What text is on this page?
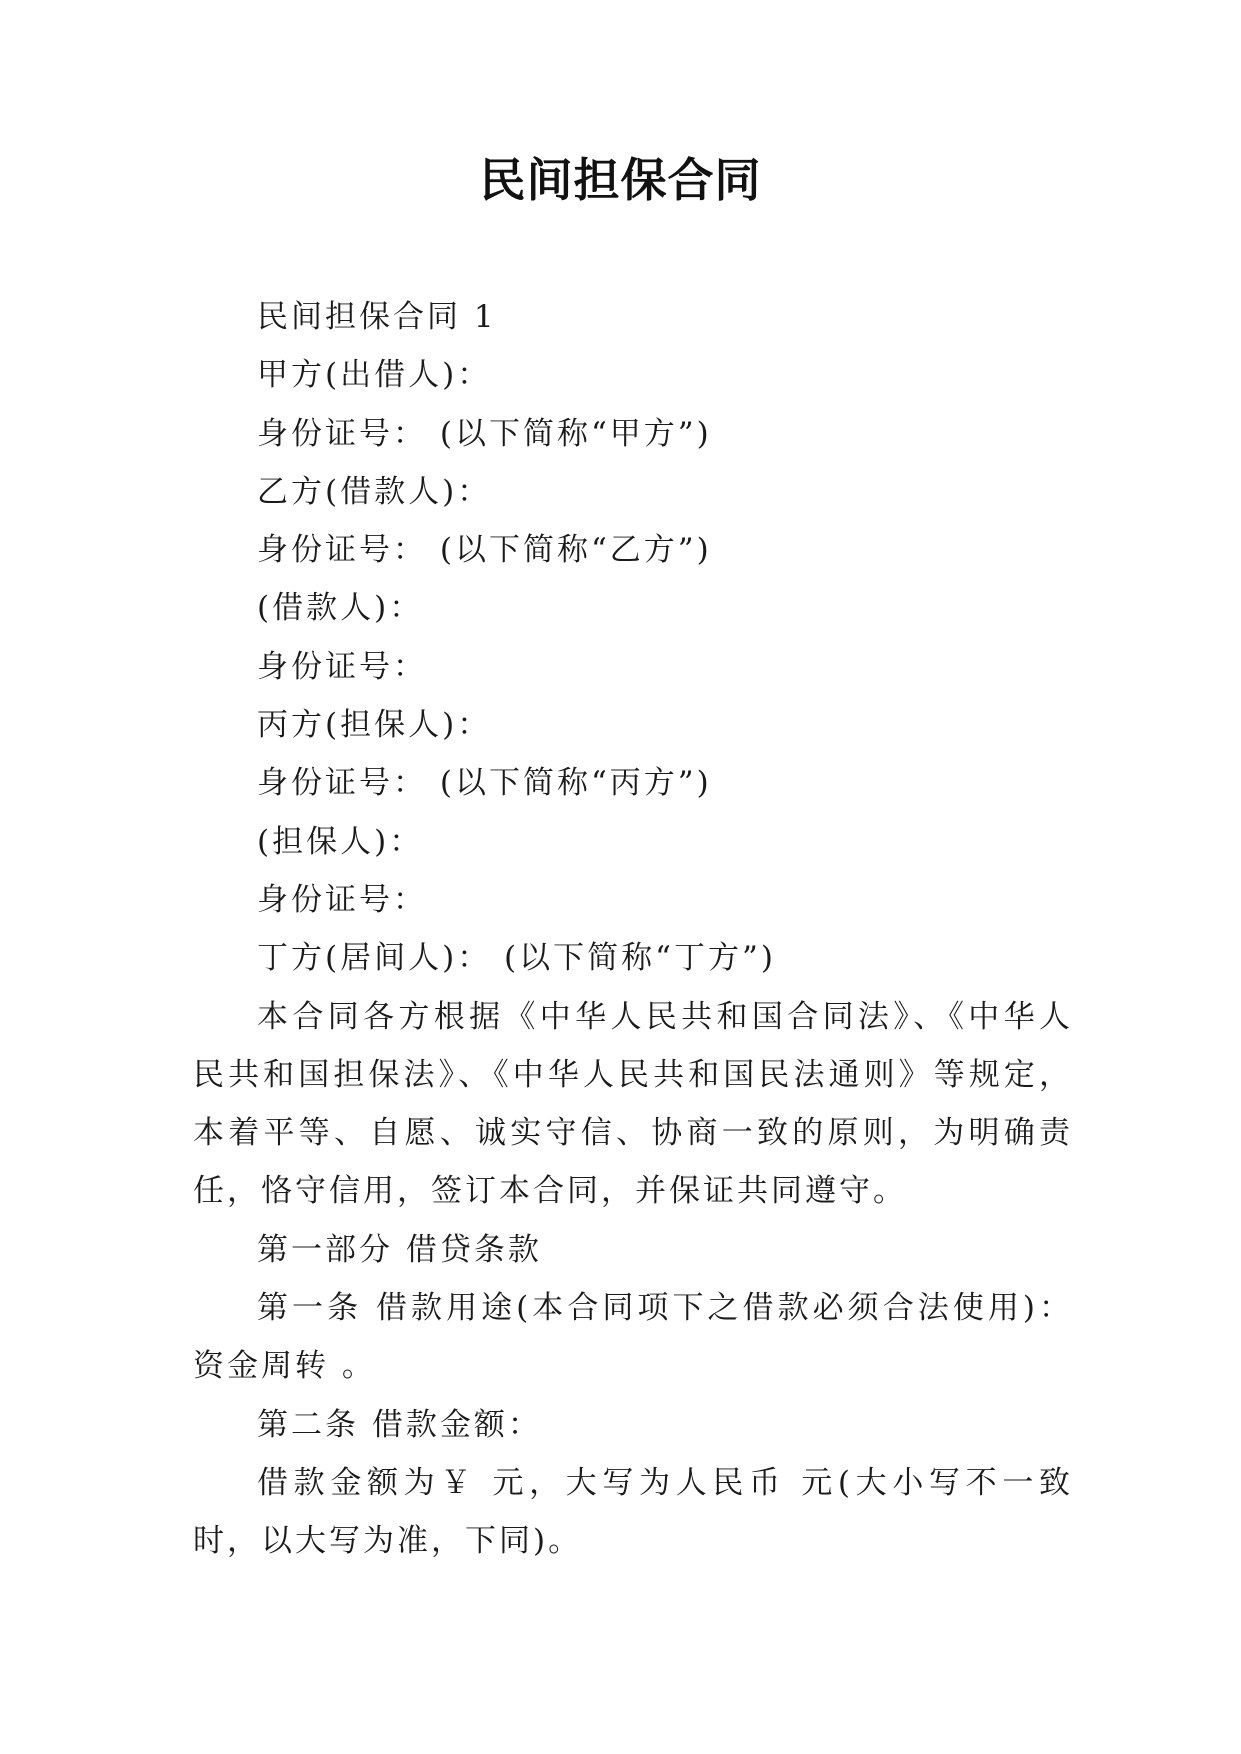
民间担保合同

民间担保合同 1

甲方(出借人)：

身份证号： (以下简称“甲方”)

乙方(借款人)：

身份证号： (以下简称“乙方”)

(借款人)：

身份证号：

丙方(担保人)：

身份证号： (以下简称“丙方”)

(担保人)：

身份证号：

丁方(居间人)： (以下简称“丁方”)

本合同各方根据《中华人民共和国合同法》、《中华人民共和国担保法》、《中华人民共和国民法通则》等规定，本着平等、自愿、诚实守信、协商一致的原则，为明确责任，恪守信用，签订本合同，并保证共同遵守。

第一部分 借贷条款

第一条 借款用途(本合同项下之借款必须合法使用)：资金周转 。

第二条 借款金额：

借款金额为￥ 元，大写为人民币 元(大小写不一致时，以大写为准，下同)。
